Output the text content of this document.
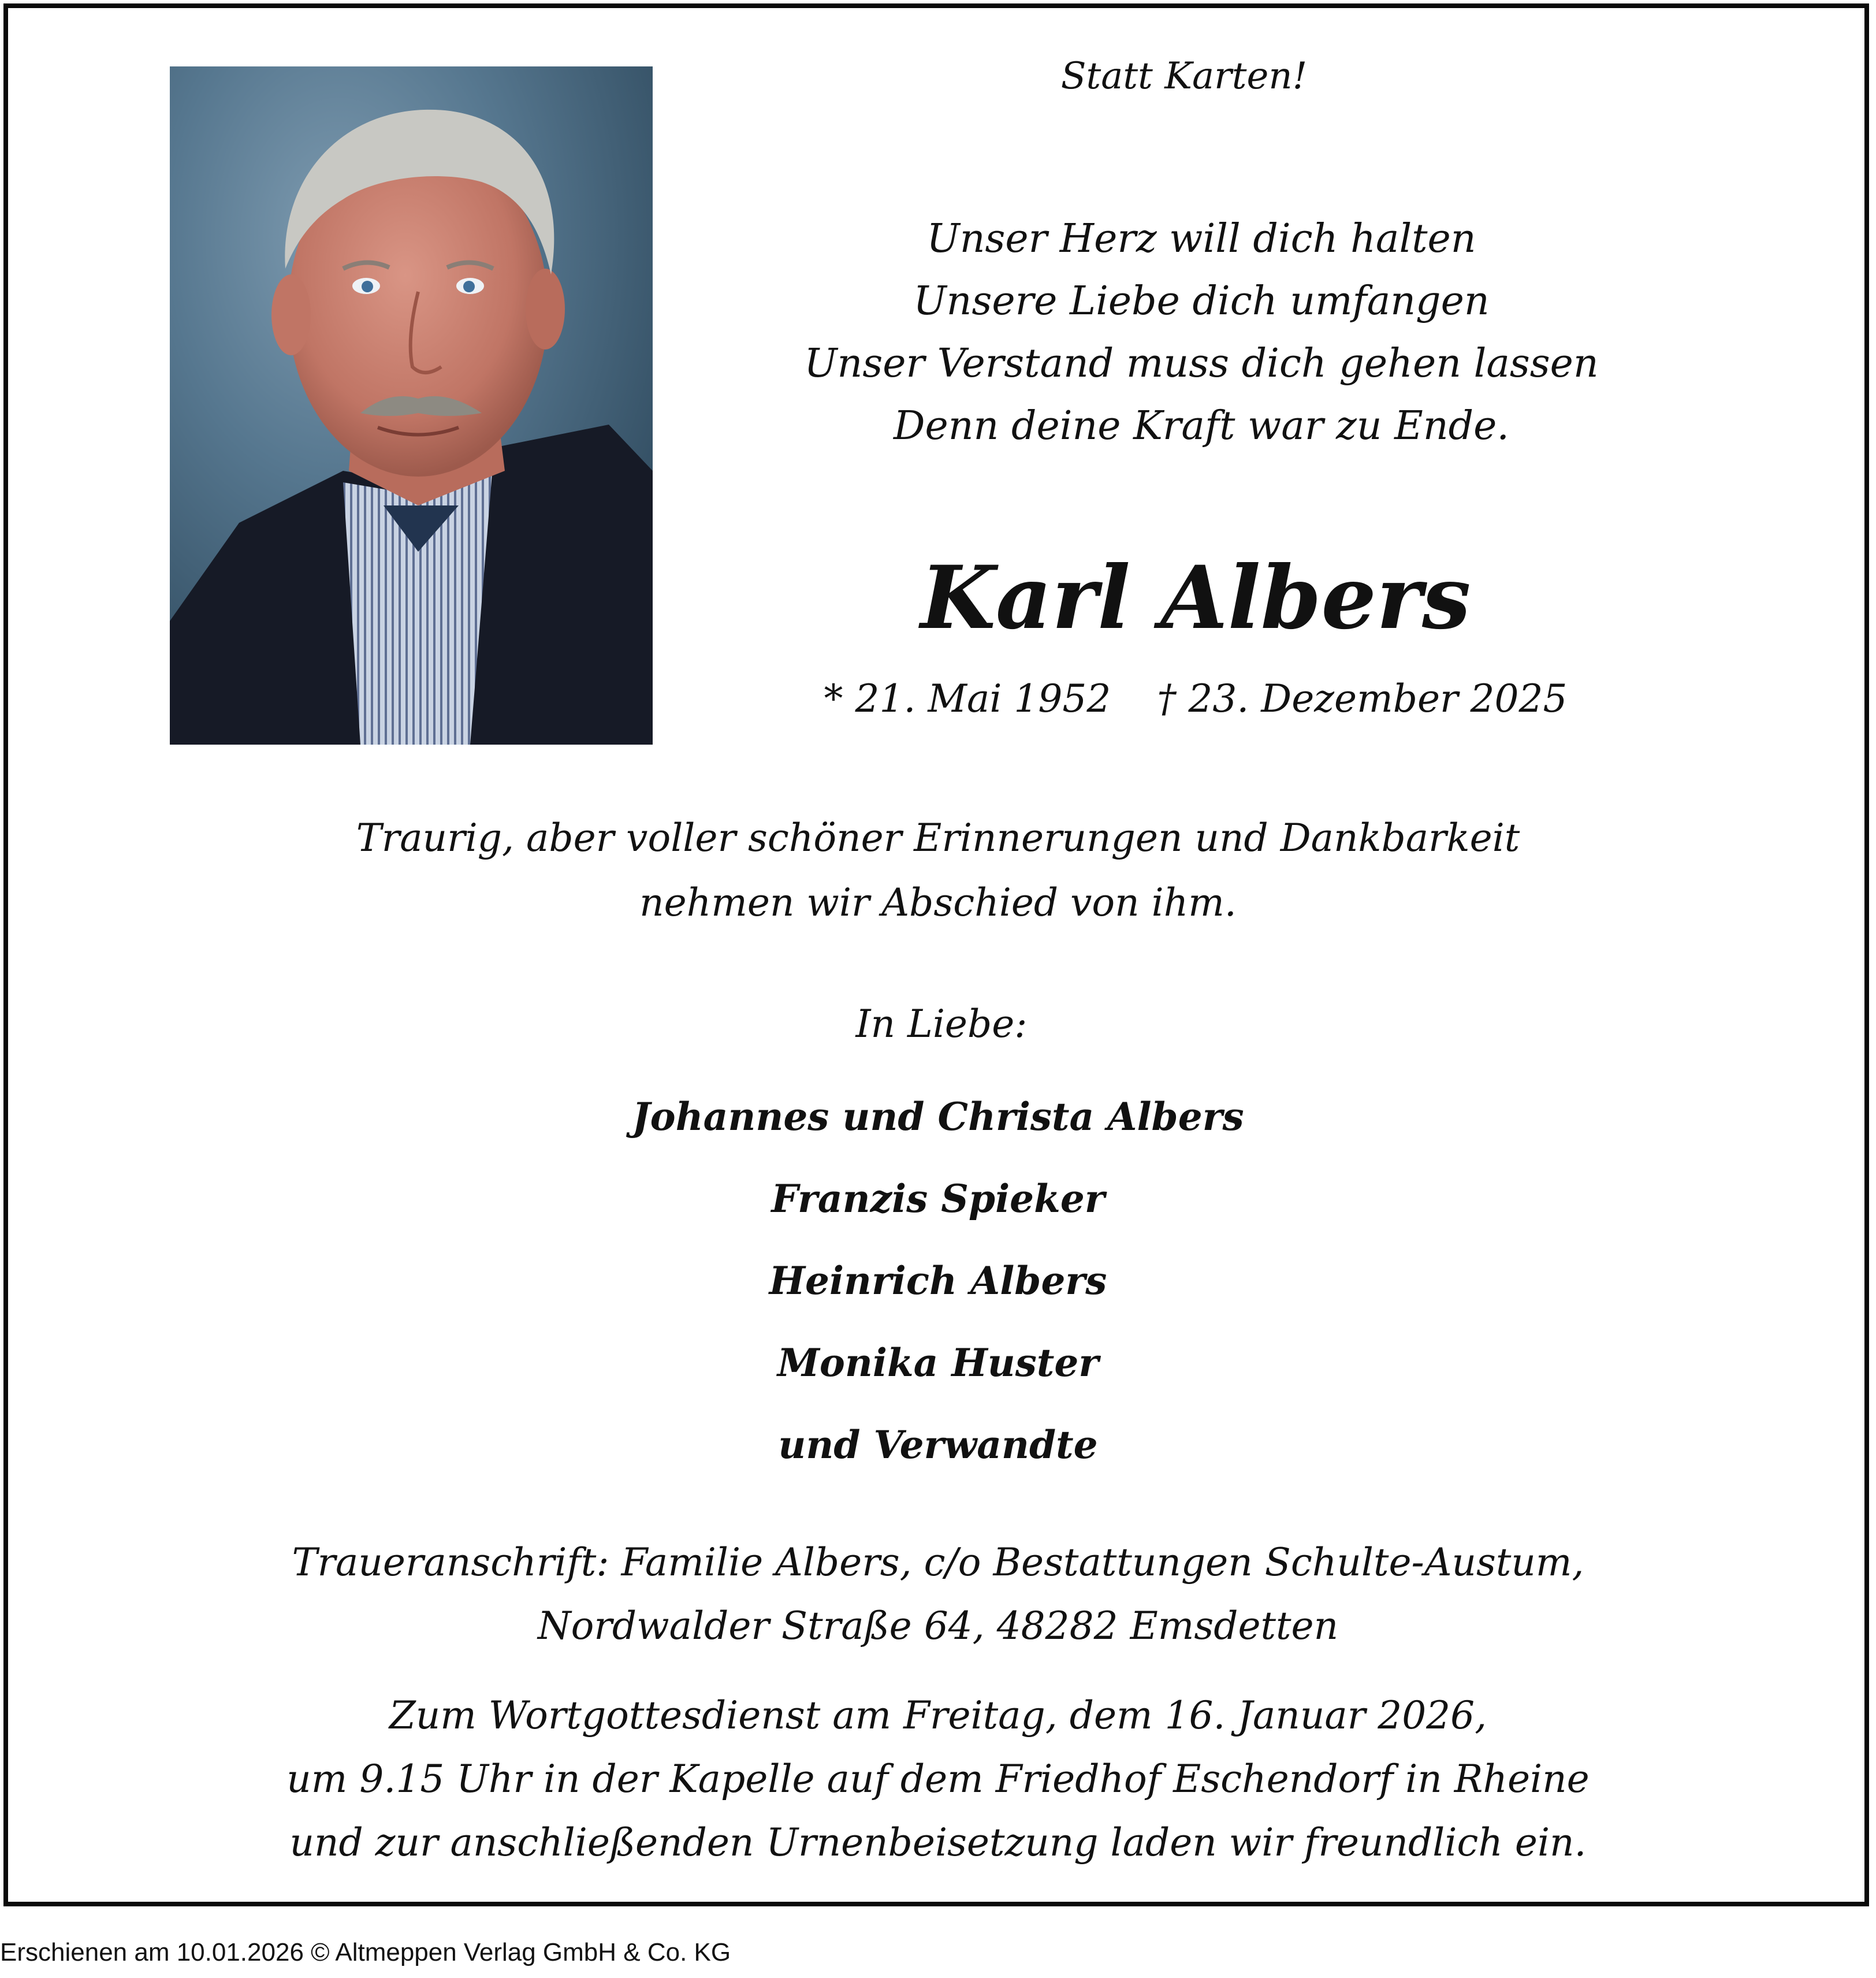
Statt Karten!

Unser Herz will dich halten
Unsere Liebe dich umfangen
Unser Verstand muss dich gehen lassen
Denn deine Kraft war zu Ende.
Karl Albers

* 21. Mai 1952 † 23. Dezember 2025

Traurig, aber voller schöner Erinnerungen und Dankbarkeit
nehmen wir Abschied von ihm.

In Liebe:

Johannes und Christa Albers
Franzis Spieker
Heinrich Albers
Monika Huster
und Verwandte
Traueranschrift: Familie Albers, c/o Bestattungen Schulte-Austum,
Nordwalder Straße 64, 48282 Emsdetten
Zum Wortgottesdienst am Freitag, dem 16. Januar 2026,
um 9.15 Uhr in der Kapelle auf dem Friedhof Eschendorf in Rheine
und zur anschließenden Urnenbeisetzung laden wir freundlich ein.

Erschienen am 10.01.2026 © Altmeppen Verlag GmbH & Co. KG
